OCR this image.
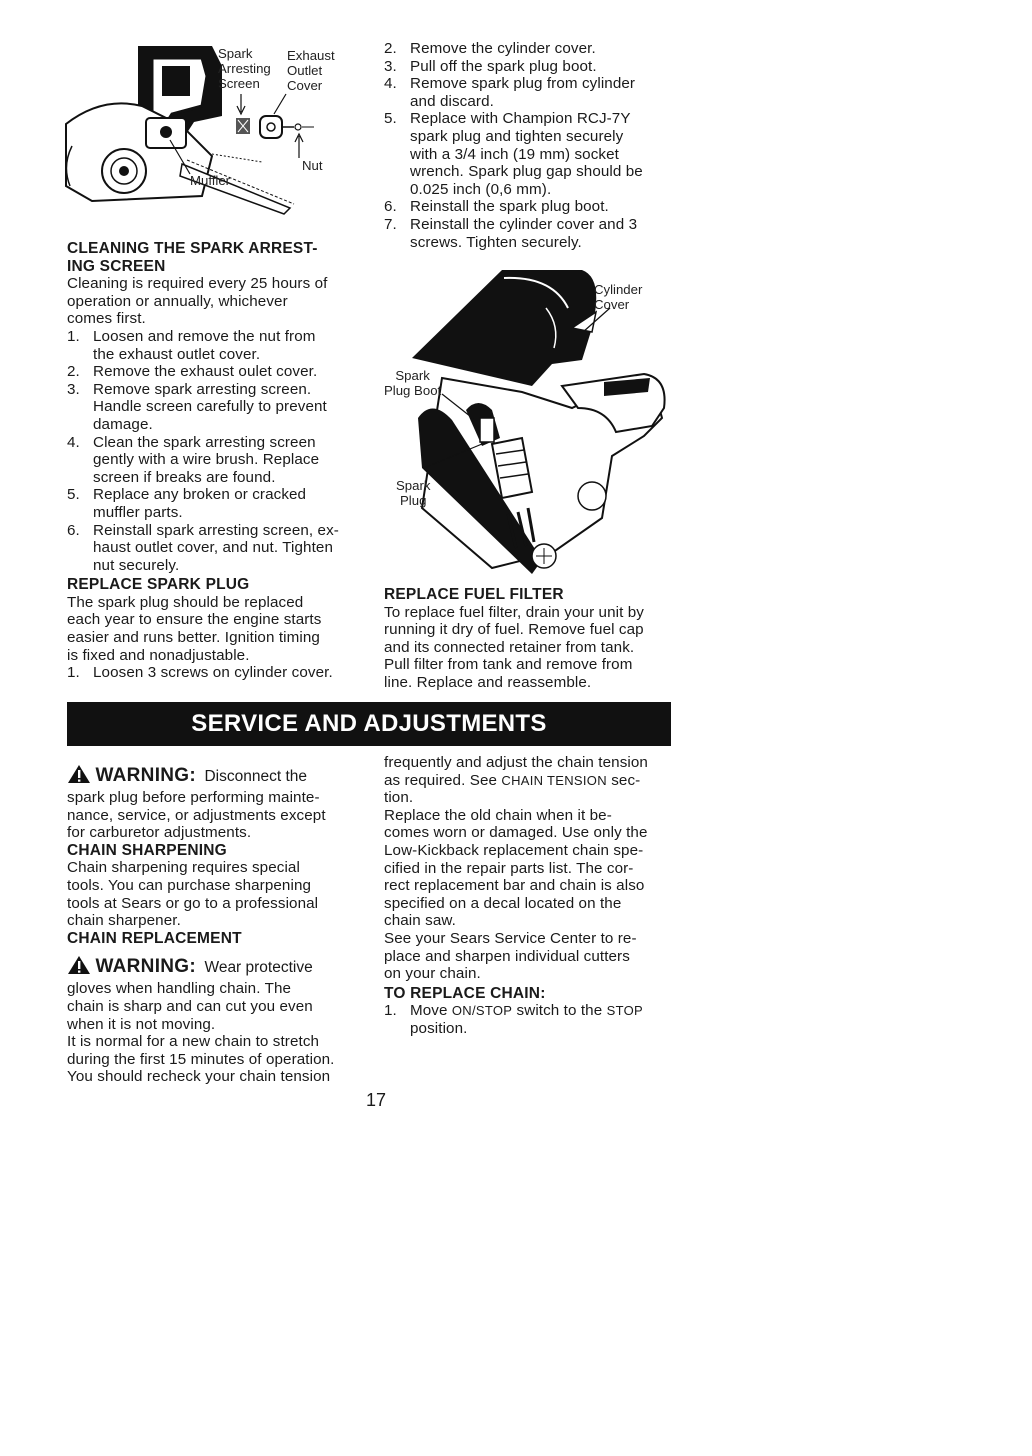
Spark
Arresting
Screen
Exhaust
Outlet
Cover
Nut
Muffler
CLEANING THE SPARK ARREST-
ING SCREEN
Cleaning is required every 25 hours of
operation or annually, whichever
comes first.
1. Loosen and remove the nut from
the exhaust outlet cover.
2. Remove the exhaust oulet cover.
3. Remove spark arresting screen.
Handle screen carefully to prevent
damage.
4. Clean the spark arresting screen
gently with a wire brush. Replace
screen if breaks are found.
5. Replace any broken or cracked
muffler parts.
6. Reinstall spark arresting screen, ex-
haust outlet cover, and nut. Tighten
nut securely.
REPLACE SPARK PLUG
The spark plug should be replaced
each year to ensure the engine starts
easier and runs better. Ignition timing
is fixed and nonadjustable.
1. Loosen 3 screws on cylinder cover.
2. Remove the cylinder cover.
3. Pull off the spark plug boot.
4. Remove spark plug from cylinder
and discard.
5. Replace with Champion RCJ-7Y
spark plug and tighten securely
with a 3/4 inch (19 mm) socket
wrench. Spark plug gap should be
0.025 inch (0,6 mm).
6. Reinstall the spark plug boot.
7. Reinstall the cylinder cover and 3
screws. Tighten securely.
Cylinder
Cover
Spark
Plug Boot
Spark
Plug
REPLACE FUEL FILTER
To replace fuel filter, drain your unit by
running it dry of fuel. Remove fuel cap
and its connected retainer from tank.
Pull filter from tank and remove from
line. Replace and reassemble.
SERVICE AND ADJUSTMENTS
WARNING: Disconnect the
spark plug before performing mainte-
nance, service, or adjustments except
for carburetor adjustments.
CHAIN SHARPENING
Chain sharpening requires special
tools. You can purchase sharpening
tools at Sears or go to a professional
chain sharpener.
CHAIN REPLACEMENT
WARNING: Wear protective
gloves when handling chain. The
chain is sharp and can cut you even
when it is not moving.
It is normal for a new chain to stretch
during the first 15 minutes of operation.
You should recheck your chain tension
frequently and adjust the chain tension
as required. See CHAIN TENSION sec-
tion.
Replace the old chain when it be-
comes worn or damaged. Use only the
Low-Kickback replacement chain spe-
cified in the repair parts list. The cor-
rect replacement bar and chain is also
specified on a decal located on the
chain saw.
See your Sears Service Center to re-
place and sharpen individual cutters
on your chain.
TO REPLACE CHAIN:
1. Move ON/STOP switch to the STOP
position.
17
